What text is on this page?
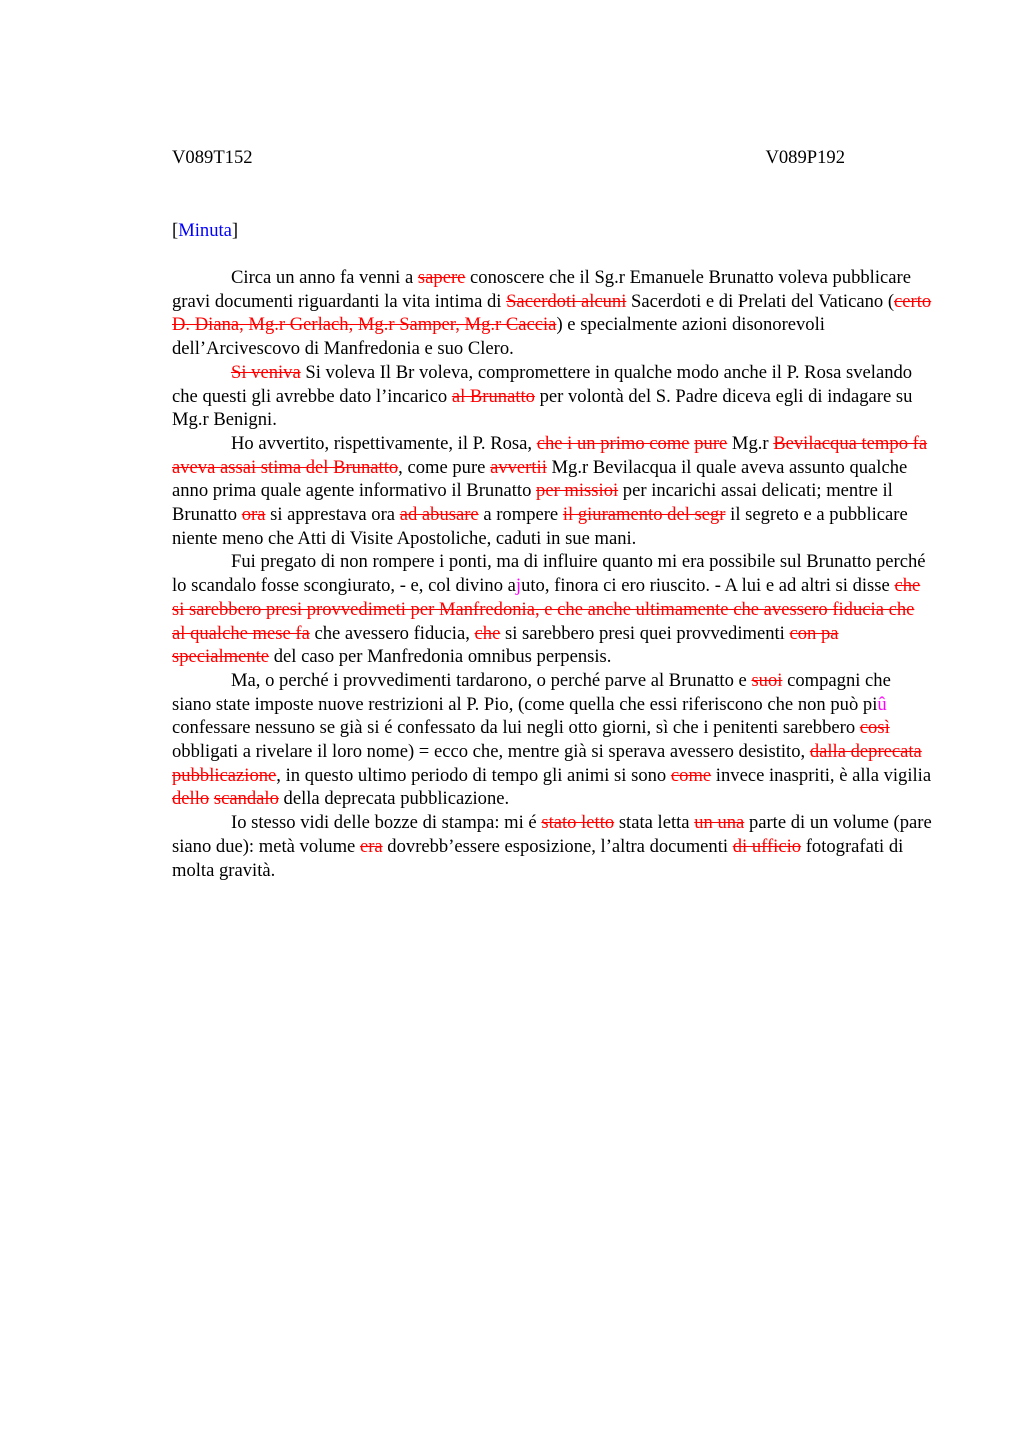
V089T152	V089P192
[Minuta]

Circa un anno fa venni a sapere conoscere che il Sg.r Emanuele Brunatto voleva pubblicare gravi documenti riguardanti la vita intima di Sacerdoti alcuni Sacerdoti e di Prelati del Vaticano (certo D. Diana, Mg.r Gerlach, Mg.r Samper, Mg.r Caccia) e specialmente azioni disonorevoli dell’Arcivescovo di Manfredonia e suo Clero.

Si veniva Si voleva Il Br voleva, compromettere in qualche modo anche il P. Rosa svelando che questi gli avrebbe dato l’incarico al Brunatto per volontà del S. Padre diceva egli di indagare su Mg.r Benigni.

Ho avvertito, rispettivamente, il P. Rosa, che i un primo come pure Mg.r Bevilacqua tempo fa aveva assai stima del Brunatto, come pure avvertii Mg.r Bevilacqua il quale aveva assunto qualche anno prima quale agente informativo il Brunatto per missioi per incarichi assai delicati; mentre il Brunatto ora si apprestava ora ad abusare a rompere il giuramento del segr il segreto e a pubblicare niente meno che Atti di Visite Apostoliche, caduti in sue mani.

Fui pregato di non rompere i ponti, ma di influire quanto mi era possibile sul Brunatto perché lo scandalo fosse scongiurato, - e, col divino ajuto, finora ci ero riuscito. - A lui e ad altri si disse che si sarebbero presi provvedimeti per Manfredonia, e che anche ultimamente che avessero fiducia che al qualche mese fa che avessero fiducia, che si sarebbero presi quei provvedimenti con pa specialmente del caso per Manfredonia omnibus perpensis.

Ma, o perché i provvedimenti tardarono, o perché parve al Brunatto e suoi compagni che siano state imposte nuove restrizioni al P. Pio, (come quella che essi riferiscono che non può piû confessare nessuno se già si é confessato da lui negli otto giorni, sì che i penitenti sarebbero così obbligati a rivelare il loro nome) = ecco che, mentre già si sperava avessero desistito, dalla deprecata pubblicazione, in questo ultimo periodo di tempo gli animi si sono come invece inaspriti, è alla vigilia dello scandalo della deprecata pubblicazione.

Io stesso vidi delle bozze di stampa: mi é stato letto stata letta un una parte di un volume (pare siano due): metà volume era dovrebb’essere esposizione, l’altra documenti di ufficio fotografati di molta gravità.
